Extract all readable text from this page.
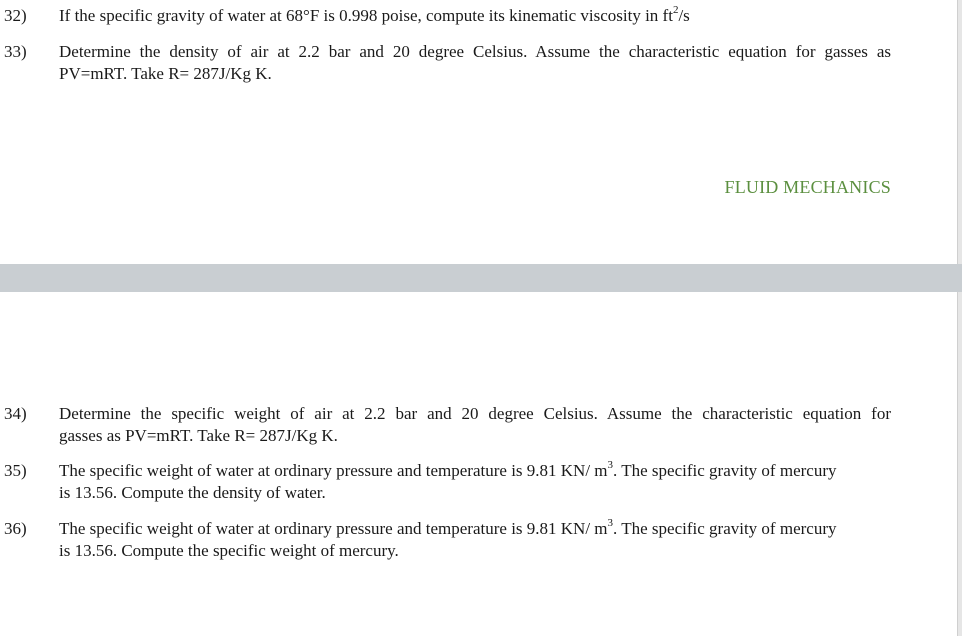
32) If the specific gravity of water at 68°F is 0.998 poise, compute its kinematic viscosity in $ft^2/s$
33) Determine the density of air at 2.2 bar and 20 degree Celsius. Assume the characteristic equation for gasses as
PV=mRT. Take R= 287J/Kg K.
FLUID MECHANICS
34) Determine the specific weight of air at 2.2 bar and 20 degree Celsius. Assume the characteristic equation for
gasses as PV=mRT. Take R= 287J/Kg K.
35) The specific weight of water at ordinary pressure and temperature is 9.81 KN/ $m^3$. The specific gravity of mercury
is 13.56. Compute the density of water.
36) The specific weight of water at ordinary pressure and temperature is 9.81 KN/ $m^3$. The specific gravity of mercury
is 13.56. Compute the specific weight of mercury.
